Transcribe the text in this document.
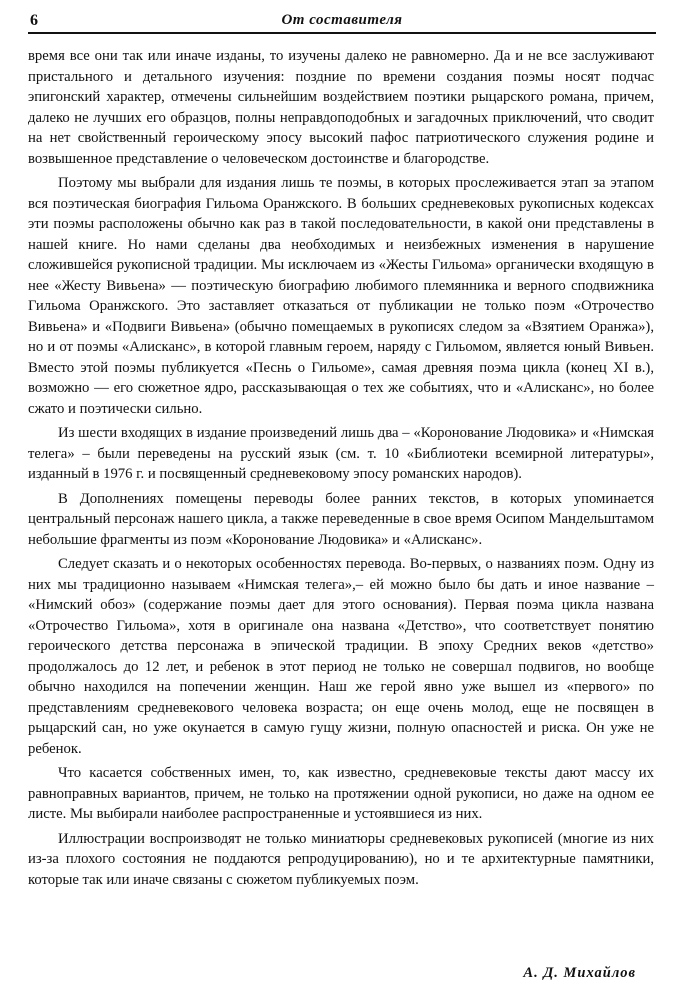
6	От составителя

время все они так или иначе изданы, то изучены далеко не равномерно. Да и не все заслуживают пристального и детального изучения: поздние по времени создания поэмы носят подчас эпигонский характер, отмечены сильнейшим воздействием поэтики рыцарского романа, причем, далеко не лучших его образцов, полны неправдоподобных и загадочных приключений, что сводит на нет свойственный героическому эпосу высокий пафос патриотического служения родине и возвышенное представление о человеческом достоинстве и благородстве.

Поэтому мы выбрали для издания лишь те поэмы, в которых прослеживается этап за этапом вся поэтическая биография Гильома Оранжского. В больших средневековых рукописных кодексах эти поэмы расположены обычно как раз в такой последовательности, в какой они представлены в нашей книге. Но нами сделаны два необходимых и неизбежных изменения в нарушение сложившейся рукописной традиции. Мы исключаем из «Жесты Гильома» органически входящую в нее «Жесту Вивьена» — поэтическую биографию любимого племянника и верного сподвижника Гильома Оранжского. Это заставляет отказаться от публикации не только поэм «Отрочество Вивьена» и «Подвиги Вивьена» (обычно помещаемых в рукописях следом за «Взятием Оранжа»), но и от поэмы «Алисканс», в которой главным героем, наряду с Гильомом, является юный Вивьен. Вместо этой поэмы публикуется «Песнь о Гильоме», самая древняя поэма цикла (конец XI в.), возможно — его сюжетное ядро, рассказывающая о тех же событиях, что и «Алисканс», но более сжато и поэтически сильно.

Из шести входящих в издание произведений лишь два – «Коронование Людовика» и «Нимская телега» – были переведены на русский язык (см. т. 10 «Библиотеки всемирной литературы», изданный в 1976 г. и посвященный средневековому эпосу романских народов).

В Дополнениях помещены переводы более ранних текстов, в которых упоминается центральный персонаж нашего цикла, а также переведенные в свое время Осипом Мандельштамом небольшие фрагменты из поэм «Коронование Людовика» и «Алисканс».

Следует сказать и о некоторых особенностях перевода. Во-первых, о названиях поэм. Одну из них мы традиционно называем «Нимская телега»,– ей можно было бы дать и иное название – «Нимский обоз» (содержание поэмы дает для этого основания). Первая поэма цикла названа «Отрочество Гильома», хотя в оригинале она названа «Детство», что соответствует понятию героического детства персонажа в эпической традиции. В эпоху Средних веков «детство» продолжалось до 12 лет, и ребенок в этот период не только не совершал подвигов, но вообще обычно находился на попечении женщин. Наш же герой явно уже вышел из «первого» по представлениям средневекового человека возраста; он еще очень молод, еще не посвящен в рыцарский сан, но уже окунается в самую гущу жизни, полную опасностей и риска. Он уже не ребенок.

Что касается собственных имен, то, как известно, средневековые тексты дают массу их равноправных вариантов, причем, не только на протяжении одной рукописи, но даже на одном ее листе. Мы выбирали наиболее распространенные и устоявшиеся из них.

Иллюстрации воспроизводят не только миниатюры средневековых рукописей (многие из них из-за плохого состояния не поддаются репродуцированию), но и те архитектурные памятники, которые так или иначе связаны с сюжетом публикуемых поэм.

А. Д. Михайлов
